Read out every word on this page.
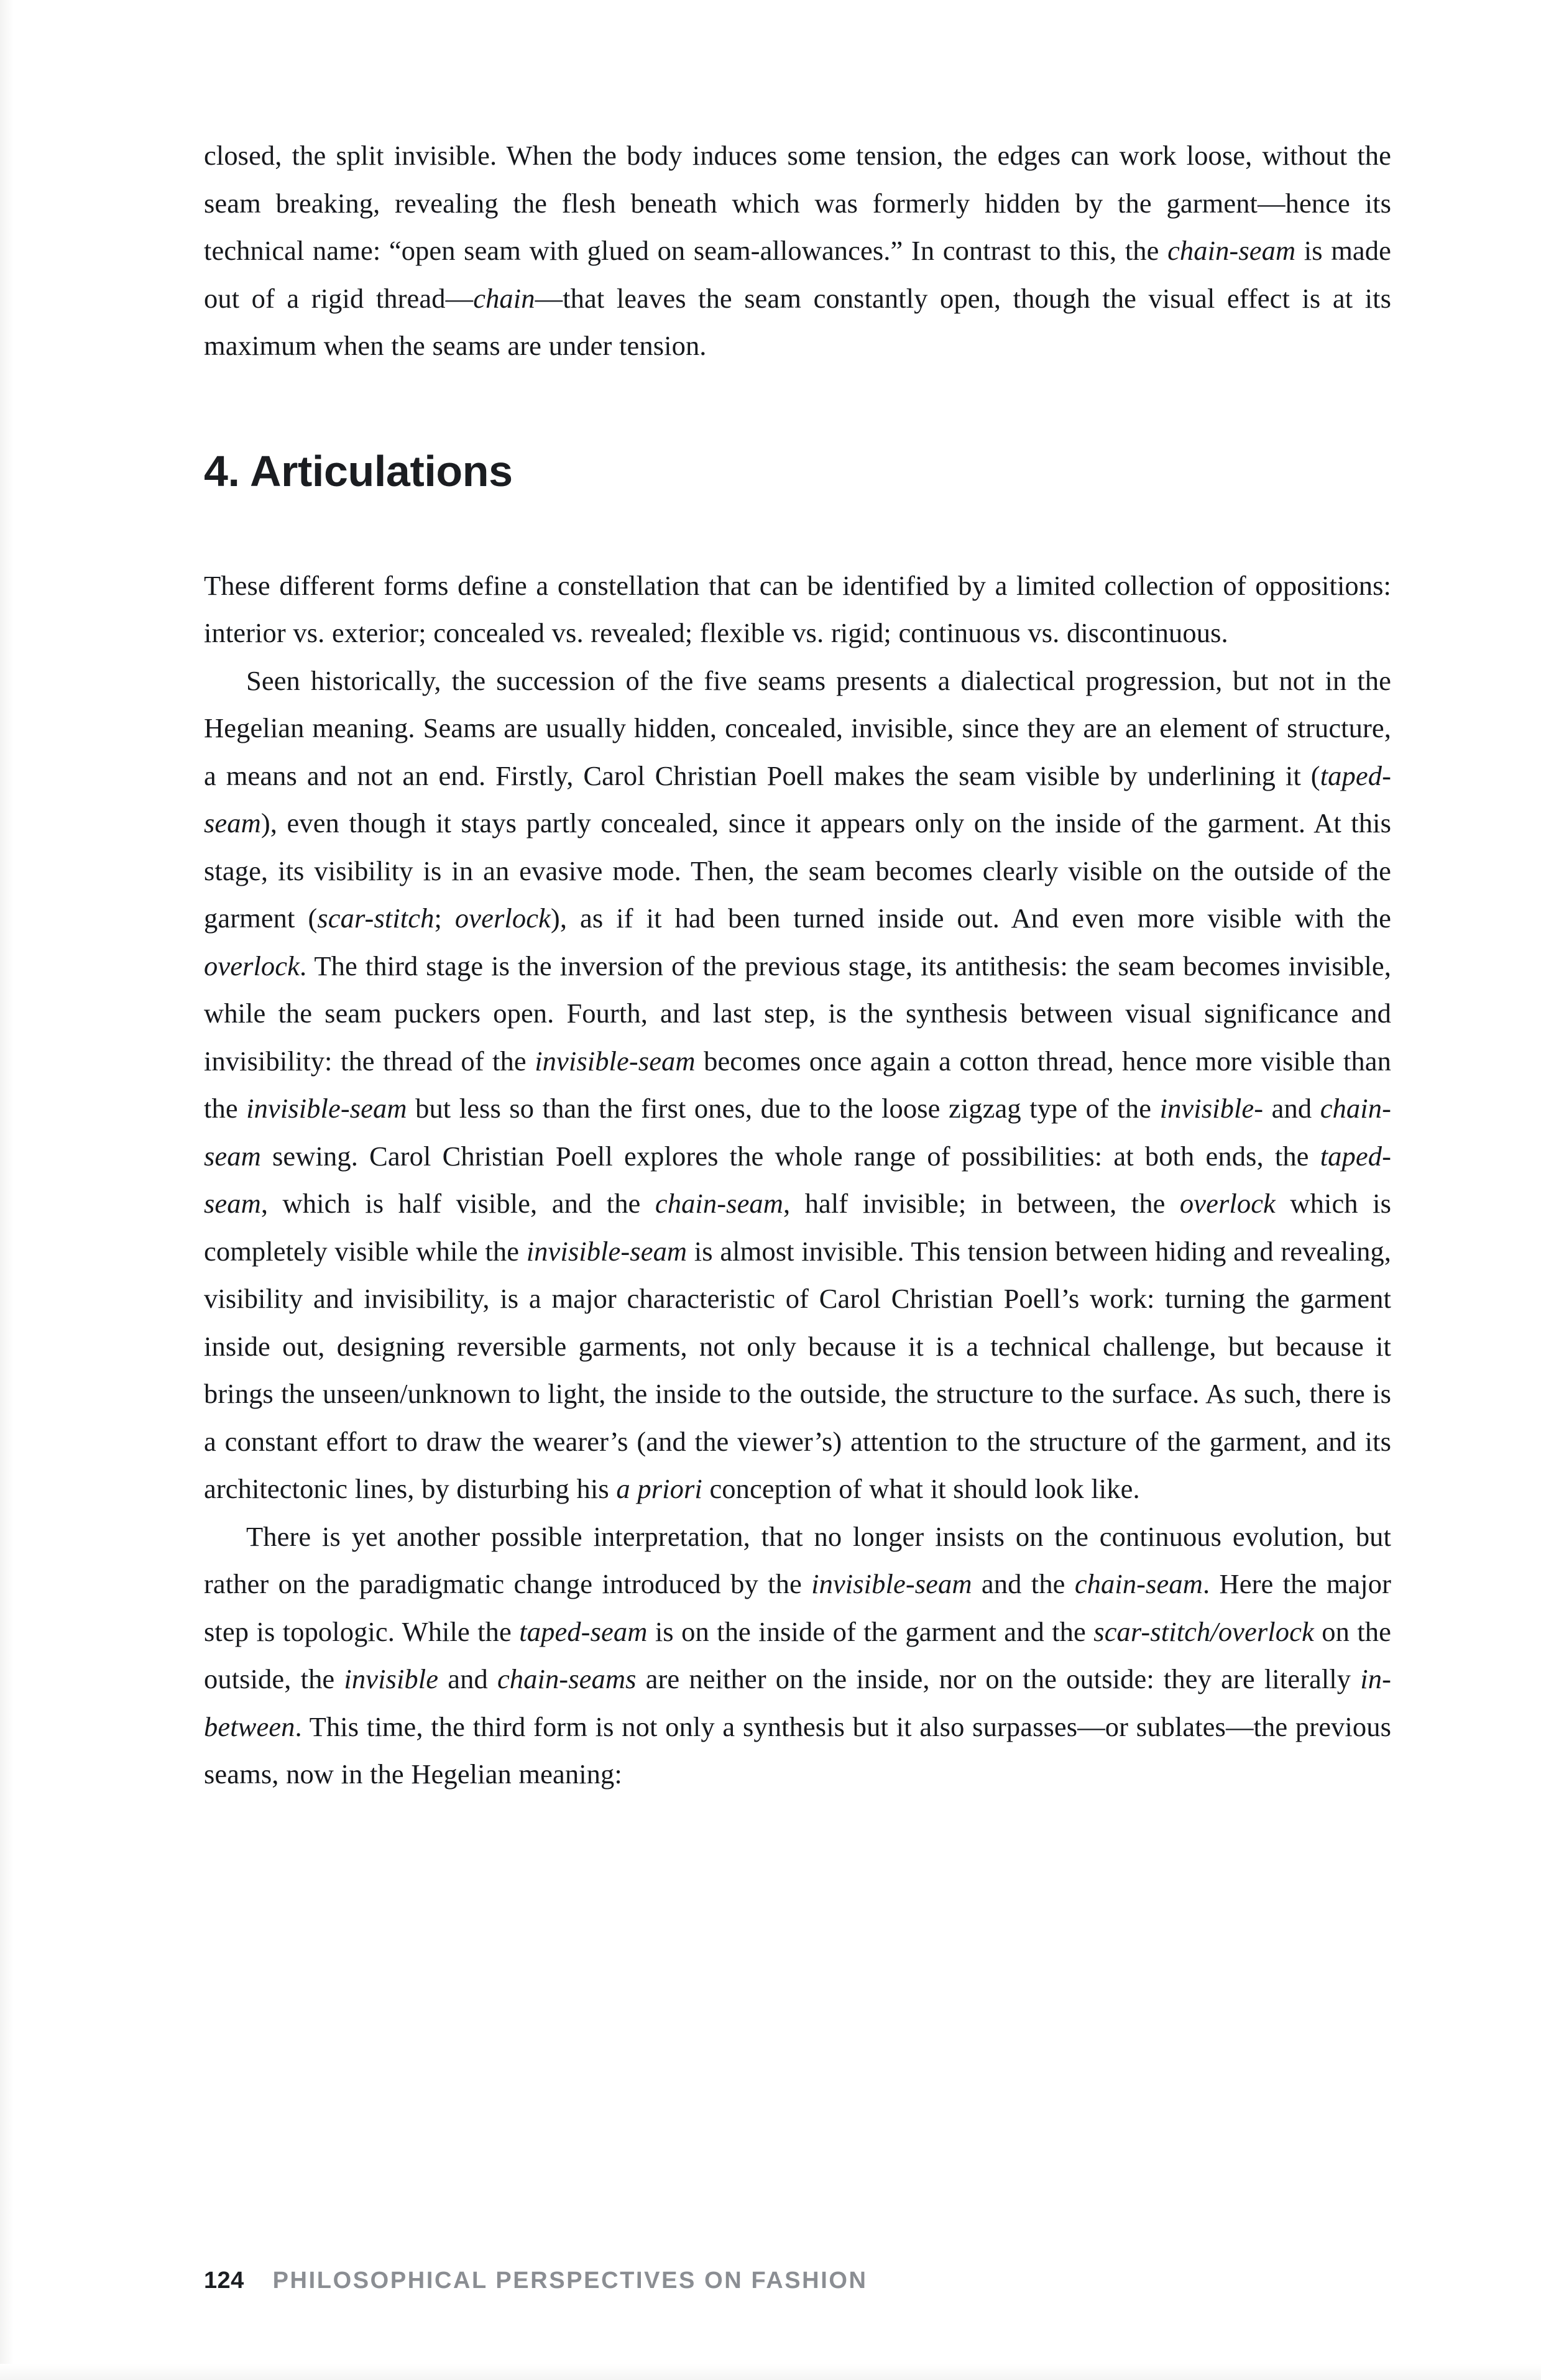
closed, the split invisible. When the body induces some tension, the edges can work loose, without the seam breaking, revealing the flesh beneath which was formerly hidden by the garment—hence its technical name: “open seam with glued on seam-allowances.” In contrast to this, the chain-seam is made out of a rigid thread—chain—that leaves the seam constantly open, though the visual effect is at its maximum when the seams are under tension.

4. Articulations

These different forms define a constellation that can be identified by a limited collection of oppositions: interior vs. exterior; concealed vs. revealed; flexible vs. rigid; continuous vs. discontinuous.

Seen historically, the succession of the five seams presents a dialectical progression, but not in the Hegelian meaning. Seams are usually hidden, concealed, invisible, since they are an element of structure, a means and not an end. Firstly, Carol Christian Poell makes the seam visible by underlining it (taped-seam), even though it stays partly concealed, since it appears only on the inside of the garment. At this stage, its visibility is in an evasive mode. Then, the seam becomes clearly visible on the outside of the garment (scar-stitch; overlock), as if it had been turned inside out. And even more visible with the overlock. The third stage is the inversion of the previous stage, its antithesis: the seam becomes invisible, while the seam puckers open. Fourth, and last step, is the synthesis between visual significance and invisibility: the thread of the invisible-seam becomes once again a cotton thread, hence more visible than the invisible-seam but less so than the first ones, due to the loose zigzag type of the invisible- and chain-seam sewing. Carol Christian Poell explores the whole range of possibilities: at both ends, the taped-seam, which is half visible, and the chain-seam, half invisible; in between, the overlock which is completely visible while the invisible-seam is almost invisible. This tension between hiding and revealing, visibility and invisibility, is a major characteristic of Carol Christian Poell’s work: turning the garment inside out, designing reversible garments, not only because it is a technical challenge, but because it brings the unseen/unknown to light, the inside to the outside, the structure to the surface. As such, there is a constant effort to draw the wearer’s (and the viewer’s) attention to the structure of the garment, and its architectonic lines, by disturbing his a priori conception of what it should look like.

There is yet another possible interpretation, that no longer insists on the continuous evolution, but rather on the paradigmatic change introduced by the invisible-seam and the chain-seam. Here the major step is topologic. While the taped-seam is on the inside of the garment and the scar-stitch/overlock on the outside, the invisible and chain-seams are neither on the inside, nor on the outside: they are literally in-between. This time, the third form is not only a synthesis but it also surpasses—or sublates—the previous seams, now in the Hegelian meaning:

124 PHILOSOPHICAL PERSPECTIVES ON FASHION
